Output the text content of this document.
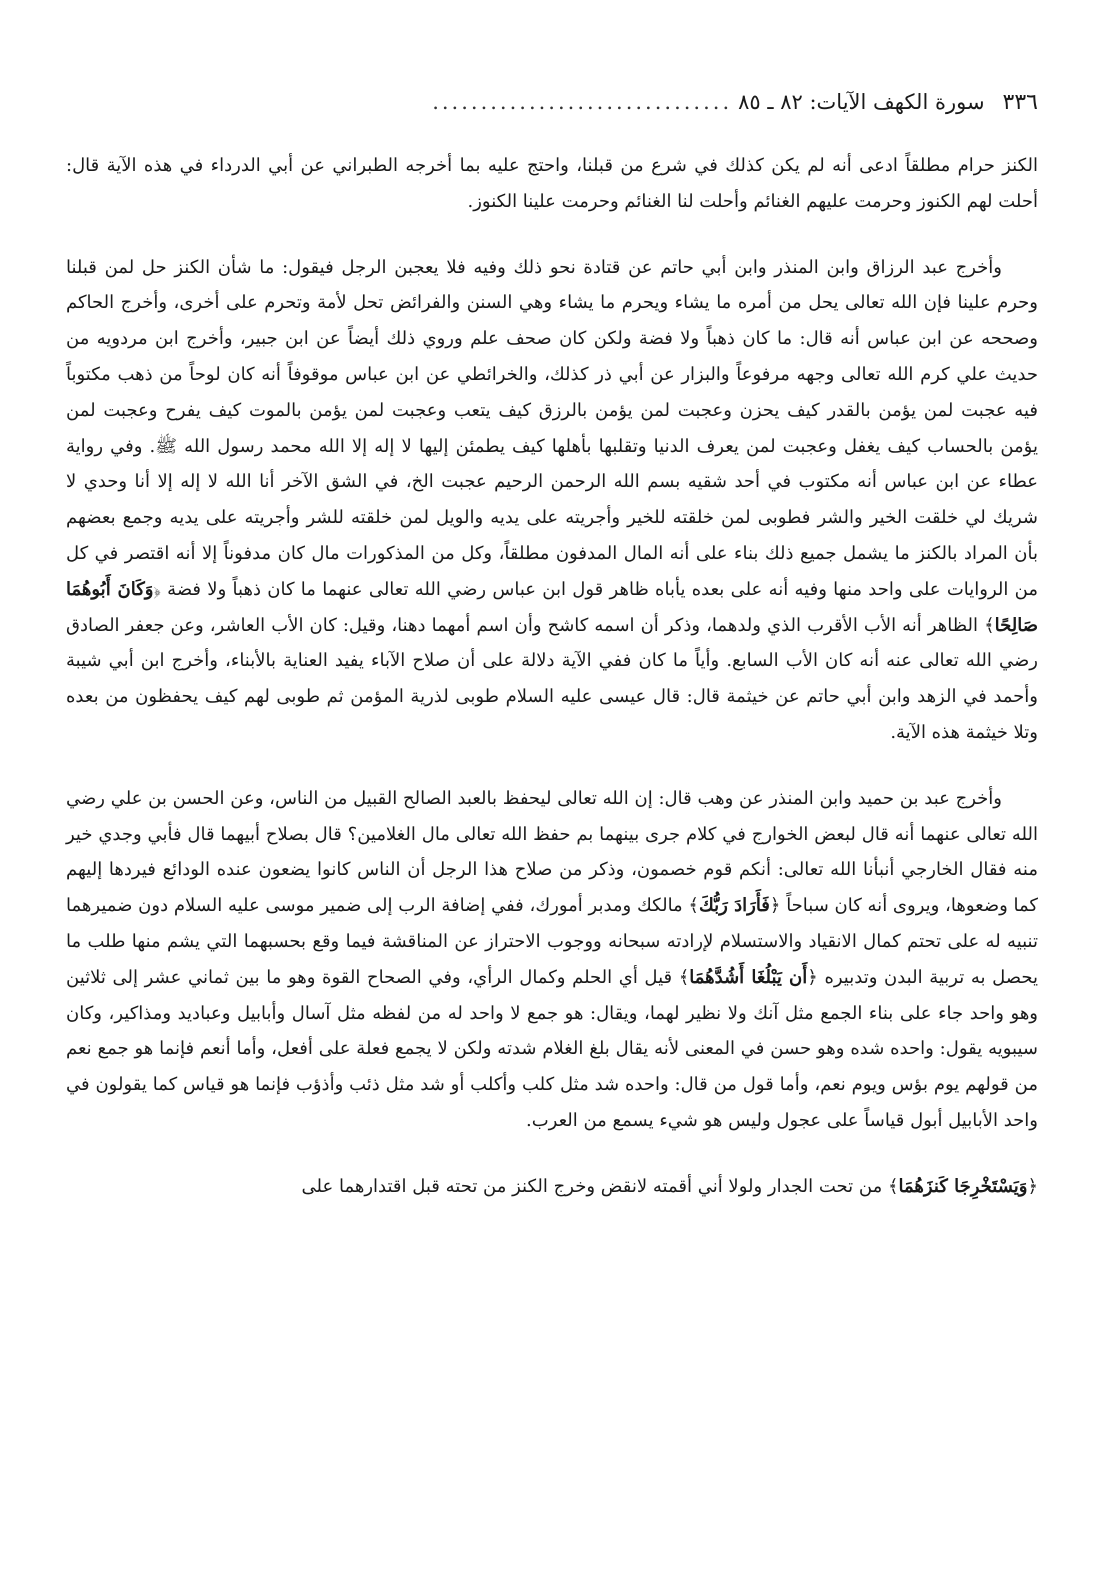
٣٣٦
سورة الكهف الآيات: ٨٢ ـ ٨٥
...............................

الكنز حرام مطلقاً ادعى أنه لم يكن كذلك في شرع من قبلنا، واحتج عليه بما أخرجه الطبراني عن أبي الدرداء في هذه الآية قال: أحلت لهم الكنوز وحرمت عليهم الغنائم وأحلت لنا الغنائم وحرمت علينا الكنوز.

وأخرج عبد الرزاق وابن المنذر وابن أبي حاتم عن قتادة نحو ذلك وفيه فلا يعجبن الرجل فيقول: ما شأن الكنز حل لمن قبلنا وحرم علينا فإن الله تعالى يحل من أمره ما يشاء ويحرم ما يشاء وهي السنن والفرائض تحل لأمة وتحرم على أخرى، وأخرج الحاكم وصححه عن ابن عباس أنه قال: ما كان ذهباً ولا فضة ولكن كان صحف علم وروي ذلك أيضاً عن ابن جبير، وأخرج ابن مردويه من حديث علي كرم الله تعالى وجهه مرفوعاً والبزار عن أبي ذر كذلك، والخرائطي عن ابن عباس موقوفاً أنه كان لوحاً من ذهب مكتوباً فيه عجبت لمن يؤمن بالقدر كيف يحزن وعجبت لمن يؤمن بالرزق كيف يتعب وعجبت لمن يؤمن بالموت كيف يفرح وعجبت لمن يؤمن بالحساب كيف يغفل وعجبت لمن يعرف الدنيا وتقلبها بأهلها كيف يطمئن إليها لا إله إلا الله محمد رسول الله ﷺ. وفي رواية عطاء عن ابن عباس أنه مكتوب في أحد شقيه بسم الله الرحمن الرحيم عجبت الخ، في الشق الآخر أنا الله لا إله إلا أنا وحدي لا شريك لي خلقت الخير والشر فطوبى لمن خلقته للخير وأجريته على يديه والويل لمن خلقته للشر وأجريته على يديه وجمع بعضهم بأن المراد بالكنز ما يشمل جميع ذلك بناء على أنه المال المدفون مطلقاً، وكل من المذكورات مال كان مدفوناً إلا أنه اقتصر في كل من الروايات على واحد منها وفيه أنه على بعده يأباه ظاهر قول ابن عباس رضي الله تعالى عنهما ما كان ذهباً ولا فضة ﴿وَكَانَ أَبُوهُمَا صَالِحًا﴾ الظاهر أنه الأب الأقرب الذي ولدهما، وذكر أن اسمه كاشح وأن اسم أمهما دهنا، وقيل: كان الأب العاشر، وعن جعفر الصادق رضي الله تعالى عنه أنه كان الأب السابع. وأياً ما كان ففي الآية دلالة على أن صلاح الآباء يفيد العناية بالأبناء، وأخرج ابن أبي شيبة وأحمد في الزهد وابن أبي حاتم عن خيثمة قال: قال عيسى عليه السلام طوبى لذرية المؤمن ثم طوبى لهم كيف يحفظون من بعده وتلا خيثمة هذه الآية.

وأخرج عبد بن حميد وابن المنذر عن وهب قال: إن الله تعالى ليحفظ بالعبد الصالح القبيل من الناس، وعن الحسن بن علي رضي الله تعالى عنهما أنه قال لبعض الخوارج في كلام جرى بينهما بم حفظ الله تعالى مال الغلامين؟ قال بصلاح أبيهما قال فأبي وجدي خير منه فقال الخارجي أنبأنا الله تعالى: أنكم قوم خصمون، وذكر من صلاح هذا الرجل أن الناس كانوا يضعون عنده الودائع فيردها إليهم كما وضعوها، ويروى أنه كان سباحاً ﴿فَأَرَادَ رَبُّكَ﴾ مالكك ومدبر أمورك، ففي إضافة الرب إلى ضمير موسى عليه السلام دون ضميرهما تنبيه له على تحتم كمال الانقياد والاستسلام لإرادته سبحانه ووجوب الاحتراز عن المناقشة فيما وقع بحسبهما التي يشم منها طلب ما يحصل به تربية البدن وتدبيره ﴿أَن يَبْلُغَا أَشُدَّهُمَا﴾ قيل أي الحلم وكمال الرأي، وفي الصحاح القوة وهو ما بين ثماني عشر إلى ثلاثين وهو واحد جاء على بناء الجمع مثل آنك ولا نظير لهما، ويقال: هو جمع لا واحد له من لفظه مثل آسال وأبابيل وعباديد ومذاكير، وكان سيبويه يقول: واحده شده وهو حسن في المعنى لأنه يقال بلغ الغلام شدته ولكن لا يجمع فعلة على أفعل، وأما أنعم فإنما هو جمع نعم من قولهم يوم بؤس ويوم نعم، وأما قول من قال: واحده شد مثل كلب وأكلب أو شد مثل ذئب وأذؤب فإنما هو قياس كما يقولون في واحد الأبابيل أبول قياساً على عجول وليس هو شيء يسمع من العرب.

﴿وَيَسْتَخْرِجَا كَنزَهُمَا﴾ من تحت الجدار ولولا أني أقمته لانقض وخرج الكنز من تحته قبل اقتدارهما على
